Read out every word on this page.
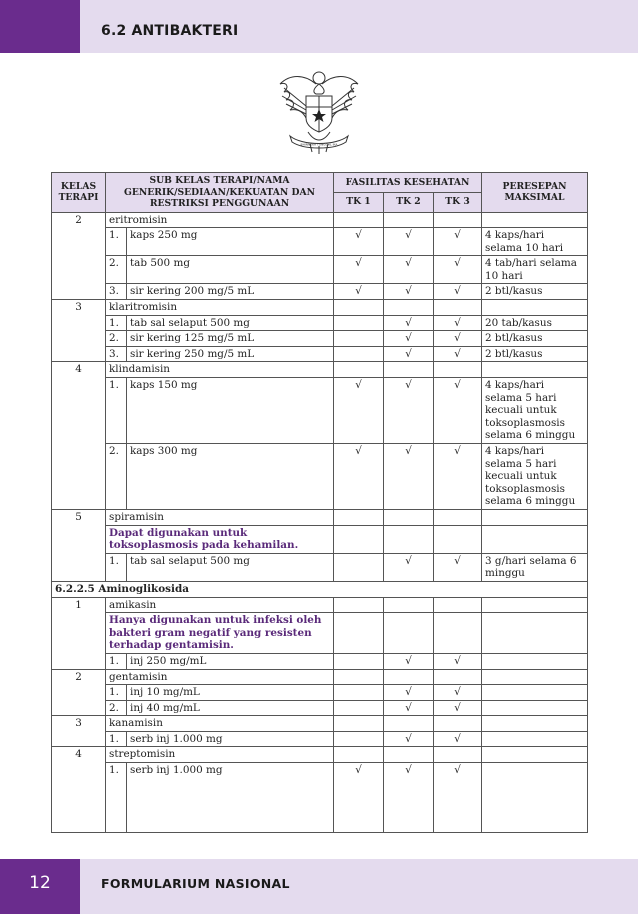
6.2 ANTIBAKTERI
BHINNEKA TUNGGAL IKA
KELAS TERAPI	SUB KELAS TERAPI/NAMA GENERIK/SEDIAAN/KEKUATAN DAN RESTRIKSI PENGGUNAAN		FASILITAS KESEHATAN			PERESEPAN MAKSIMAL
			TK 1	TK 2	TK 3	
2	eritromisin					
	1.	kaps 250 mg	√	√	√	4 kaps/hari selama 10 hari
	2.	tab 500 mg	√	√	√	4 tab/hari selama 10 hari
	3.	sir kering 200 mg/5 mL	√	√	√	2 btl/kasus
3	klaritromisin					
	1.	tab sal selaput 500 mg		√	√	20 tab/kasus
	2.	sir kering 125 mg/5 mL		√	√	2 btl/kasus
	3.	sir kering 250 mg/5 mL		√	√	2 btl/kasus
4	klindamisin					
	1.	kaps 150 mg	√	√	√	4 kaps/hari selama 5 hari kecuali untuk toksoplasmosis selama 6 minggu
	2.	kaps 300 mg	√	√	√	4 kaps/hari selama 5 hari kecuali untuk toksoplasmosis selama 6 minggu
5	spiramisin					
	Dapat digunakan untuk toksoplasmosis pada kehamilan.					
	1.	tab sal selaput 500 mg		√	√	3 g/hari selama 6 minggu
6.2.2.5 Aminoglikosida						
1	amikasin					
	Hanya digunakan untuk infeksi oleh bakteri gram negatif yang resisten terhadap gentamisin.					
	1.	inj 250 mg/mL		√	√	
2	gentamisin					
	1.	inj 10 mg/mL		√	√	
	2.	inj 40 mg/mL		√	√	
3	kanamisin					
	1.	serb inj 1.000 mg		√	√	
4	streptomisin					
	1.	serb inj 1.000 mg	√	√	√	
12	FORMULARIUM NASIONAL
